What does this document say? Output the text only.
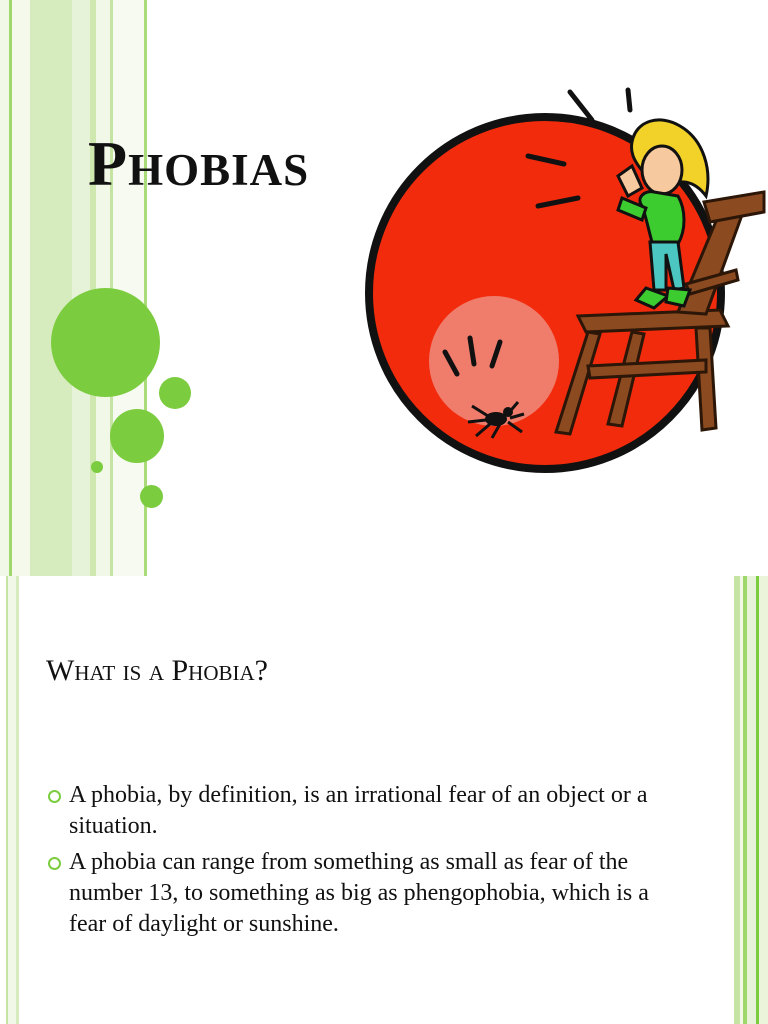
Phobias
What is a Phobia?
A phobia, by definition, is an irrational fear of an object or a situation.
A phobia can range from something as small as fear of the number 13, to something as big as phengophobia, which is a fear of daylight or sunshine.
